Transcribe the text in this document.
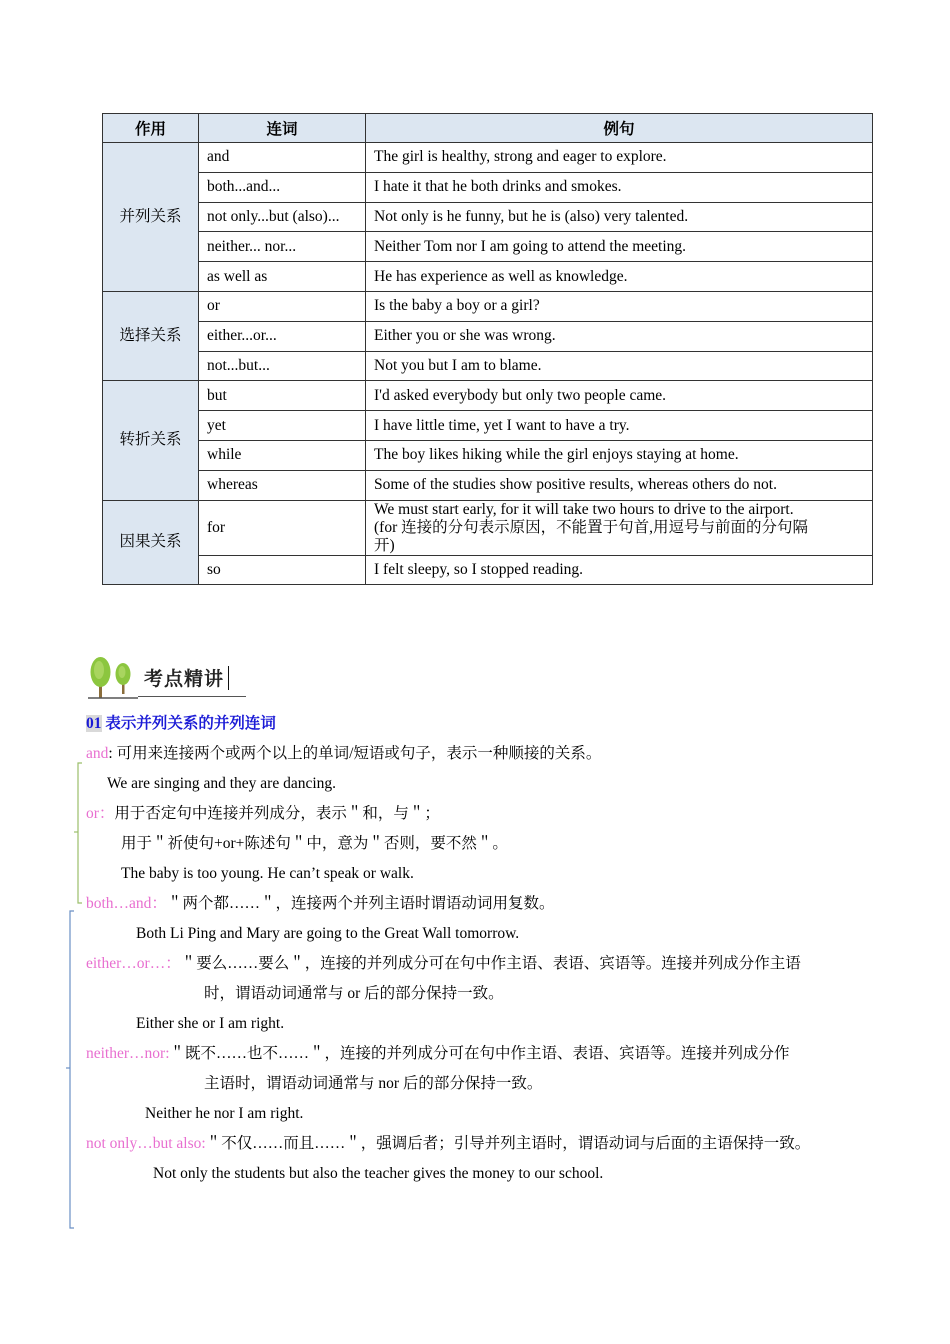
作用	连词	例句
并列关系	and	The girl is healthy, strong and eager to explore.
	both...and...	I hate it that he both drinks and smokes.
	not only...but (also)...	Not only is he funny, but he is (also) very talented.
	neither... nor...	Neither Tom nor I am going to attend the meeting.
	as well as	He has experience as well as knowledge.
选择关系	or	Is the baby a boy or a girl?
	either...or...	Either you or she was wrong.
	not...but...	Not you but I am to blame.
转折关系	but	I'd asked everybody but only two people came.
	yet	I have little time, yet I want to have a try.
	while	The boy likes hiking while the girl enjoys staying at home.
	whereas	Some of the studies show positive results, whereas others do not.
因果关系	for	We must start early, for it will take two hours to drive to the airport.
(for 连接的分句表示原因，不能置于句首,用逗号与前面的分句隔
开)

	so	I felt sleepy, so I stopped reading.
考点精讲
01 表示并列关系的并列连词
and: 可用来连接两个或两个以上的单词/短语或句子，表示一种顺接的关系。
We are singing and they are dancing.
or：用于否定句中连接并列成分，表示＂和，与＂；
用于＂祈使句+or+陈述句＂中，意为＂否则，要不然＂。
The baby is too young. He can’t speak or walk.
both…and：＂两个都……＂，连接两个并列主语时谓语动词用复数。
Both Li Ping and Mary are going to the Great Wall tomorrow.
either…or…：＂要么……要么＂，连接的并列成分可在句中作主语、表语、宾语等。连接并列成分作主语
时，谓语动词通常与 or 后的部分保持一致。
Either she or I am right.
neither…nor:＂既不……也不……＂，连接的并列成分可在句中作主语、表语、宾语等。连接并列成分作
主语时，谓语动词通常与 nor 后的部分保持一致。
Neither he nor I am right.
not only…but also:＂不仅……而且……＂，强调后者；引导并列主语时，谓语动词与后面的主语保持一致。
Not only the students but also the teacher gives the money to our school.
